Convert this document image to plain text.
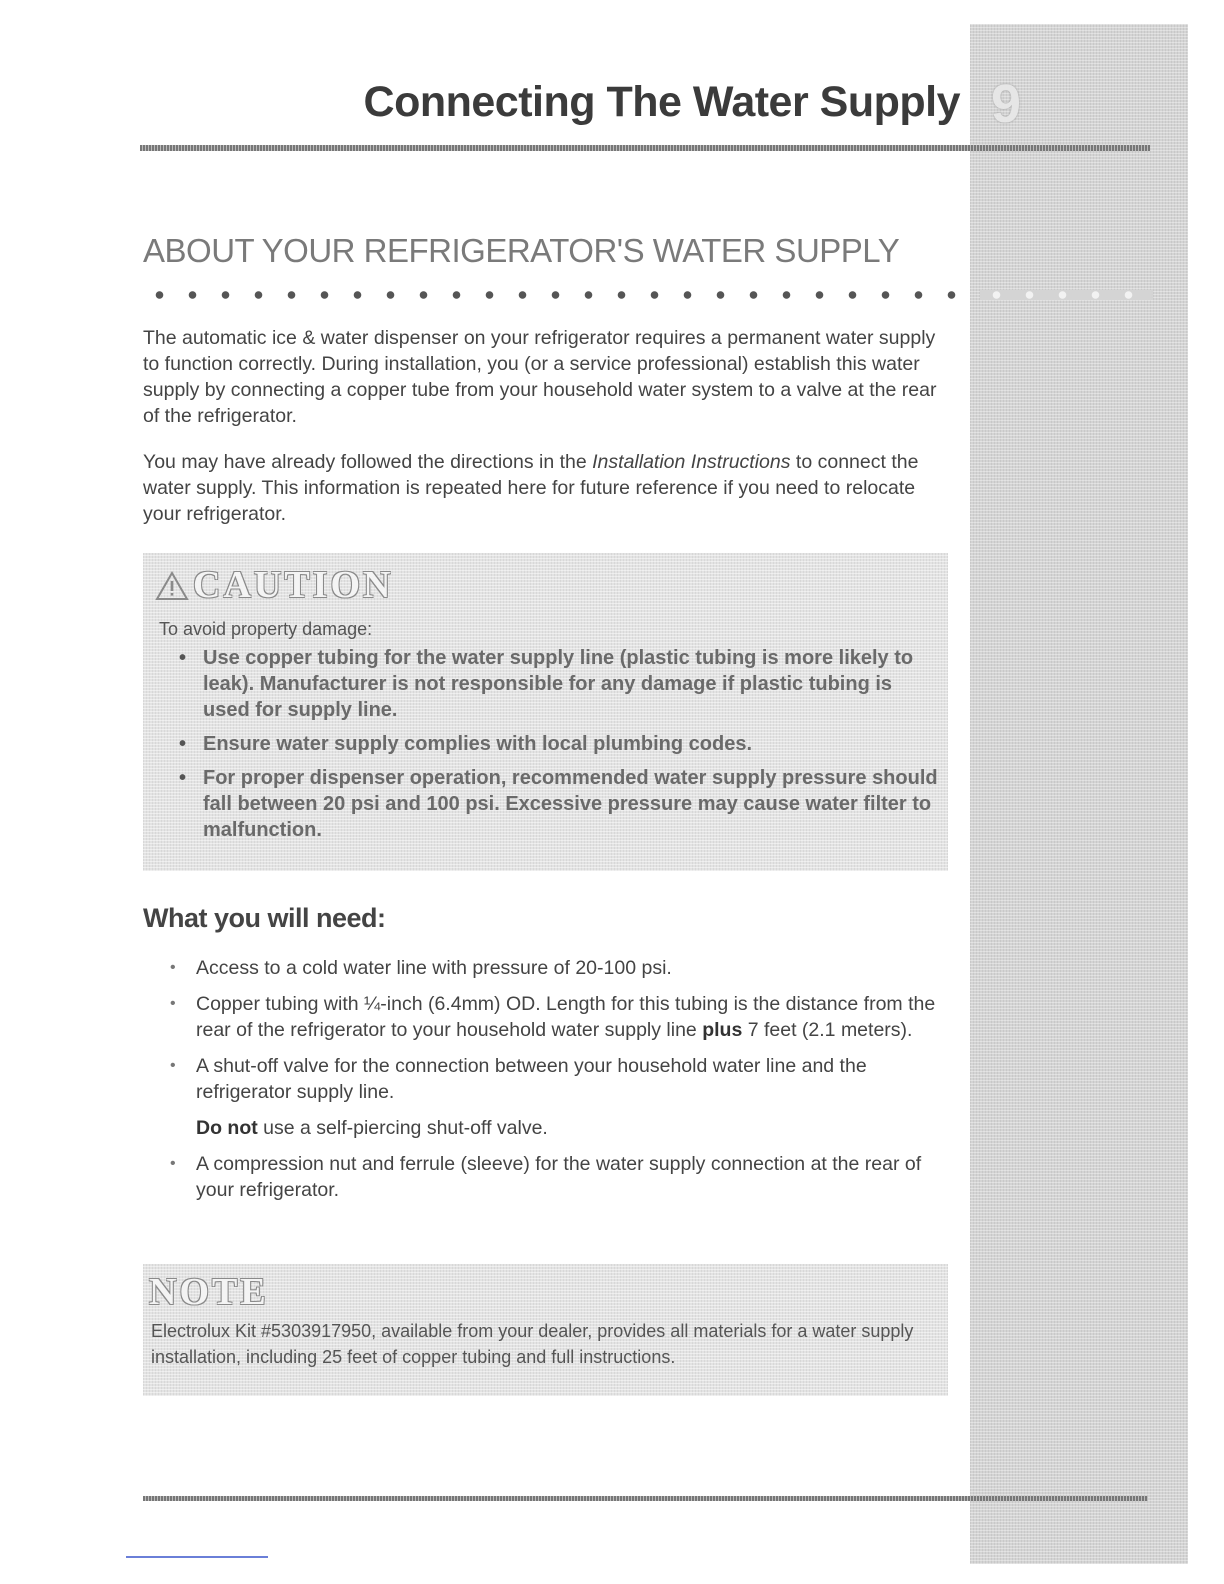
9
Connecting The Water Supply
ABOUT YOUR REFRIGERATOR'S WATER SUPPLY

The automatic ice & water dispenser on your refrigerator requires a permanent water supply to function correctly. During installation, you (or a service professional) establish this water supply by connecting a copper tube from your household water system to a valve at the rear of the refrigerator.

You may have already followed the directions in the Installation Instructions to connect the water supply. This information is repeated here for future reference if you need to relocate your refrigerator.

CAUTION
To avoid property damage:
• Use copper tubing for the water supply line (plastic tubing is more likely to leak). Manufacturer is not responsible for any damage if plastic tubing is used for supply line.
• Ensure water supply complies with local plumbing codes.
• For proper dispenser operation, recommended water supply pressure should fall between 20 psi and 100 psi. Excessive pressure may cause water filter to malfunction.
What you will need:
• Access to a cold water line with pressure of 20-100 psi.
• Copper tubing with ¼-inch (6.4mm) OD. Length for this tubing is the distance from the rear of the refrigerator to your household water supply line plus 7 feet (2.1 meters).
• A shut-off valve for the connection between your household water line and the refrigerator supply line.
Do not use a self-piercing shut-off valve.
• A compression nut and ferrule (sleeve) for the water supply connection at the rear of your refrigerator.
NOTE
Electrolux Kit #5303917950, available from your dealer, provides all materials for a water supply installation, including 25 feet of copper tubing and full instructions.
